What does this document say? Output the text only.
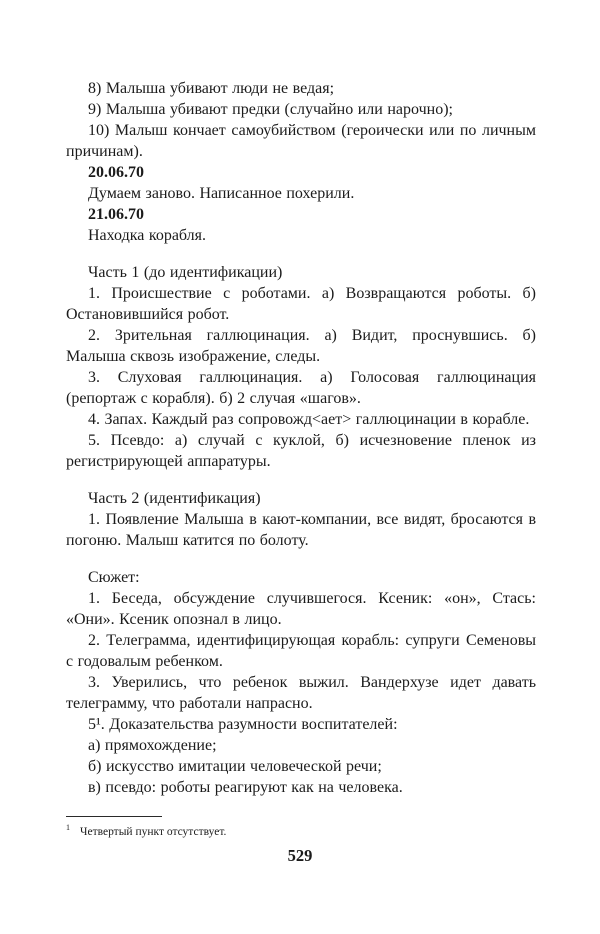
8) Малыша убивают люди не ведая;

9) Малыша убивают предки (случайно или нарочно);

10) Малыш кончает самоубийством (героически или по личным причинам).

20.06.70

Думаем заново. Написанное похерили.

21.06.70

Находка корабля.

Часть 1 (до идентификации)

1. Происшествие с роботами. а) Возвращаются роботы. б) Остановившийся робот.

2. Зрительная галлюцинация. а) Видит, проснувшись. б) Малыша сквозь изображение, следы.

3. Слуховая галлюцинация. а) Голосовая галлюцинация (репортаж с корабля). б) 2 случая «шагов».

4. Запах. Каждый раз сопровожд<ает> галлюцинации в корабле.

5. Псевдо: а) случай с куклой, б) исчезновение пленок из регистрирующей аппаратуры.

Часть 2 (идентификация)

1. Появление Малыша в кают-компании, все видят, бросаются в погоню. Малыш катится по болоту.

Сюжет:

1. Беседа, обсуждение случившегося. Ксеник: «он», Стась: «Они». Ксеник опознал в лицо.

2. Телеграмма, идентифицирующая корабль: супруги Семеновы с годовалым ребенком.

3. Уверились, что ребенок выжил. Вандерхузе идет давать телеграмму, что работали напрасно.

5¹. Доказательства разумности воспитателей:

а) прямохождение;

б) искусство имитации человеческой речи;

в) псевдо: роботы реагируют как на человека.

$^1$ Четвертый пункт отсутствует.
529
